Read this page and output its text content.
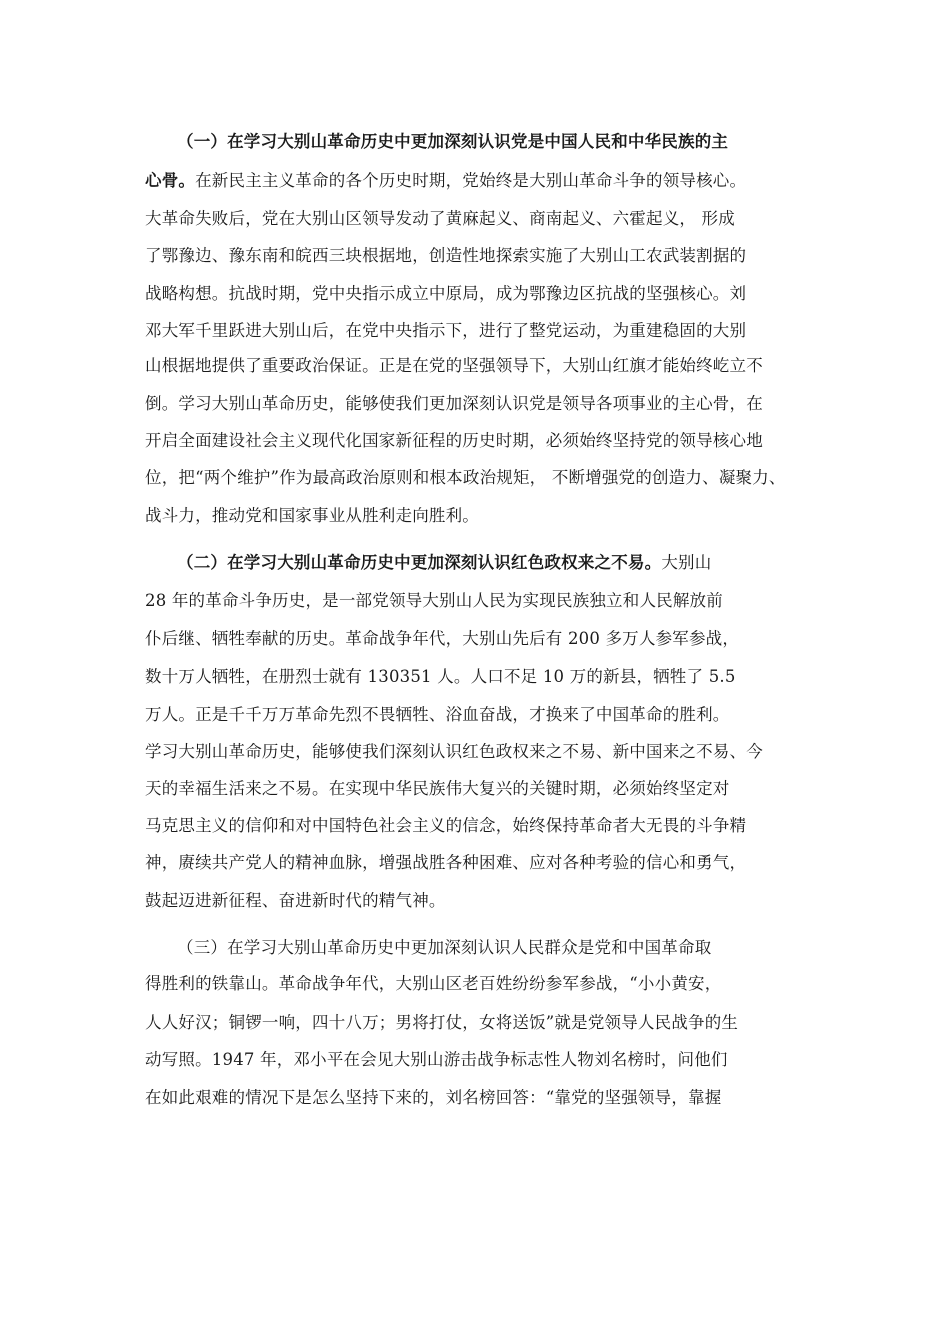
（一）在学习大别山革命历史中更加深刻认识党是中国人民和中华民族的主
心骨。在新民主主义革命的各个历史时期，党始终是大别山革命斗争的领导核心。
大革命失败后，党在大别山区领导发动了黄麻起义、商南起义、六霍起义， 形成
了鄂豫边、豫东南和皖西三块根据地，创造性地探索实施了大别山工农武装割据的
战略构想。抗战时期，党中央指示成立中原局，成为鄂豫边区抗战的坚强核心。刘
邓大军千里跃进大别山后，在党中央指示下，进行了整党运动，为重建稳固的大别
山根据地提供了重要政治保证。正是在党的坚强领导下，大别山红旗才能始终屹立不
倒。学习大别山革命历史，能够使我们更加深刻认识党是领导各项事业的主心骨，在
开启全面建设社会主义现代化国家新征程的历史时期，必须始终坚持党的领导核心地
位，把“两个维护”作为最高政治原则和根本政治规矩， 不断增强党的创造力、凝聚力、
战斗力，推动党和国家事业从胜利走向胜利。
（二）在学习大别山革命历史中更加深刻认识红色政权来之不易。大别山
28 年的革命斗争历史，是一部党领导大别山人民为实现民族独立和人民解放前
仆后继、牺牲奉献的历史。革命战争年代，大别山先后有 200 多万人参军参战，
数十万人牺牲，在册烈士就有 130351 人。人口不足 10 万的新县，牺牲了 5.5
万人。正是千千万万革命先烈不畏牺牲、浴血奋战，才换来了中国革命的胜利。
学习大别山革命历史，能够使我们深刻认识红色政权来之不易、新中国来之不易、今
天的幸福生活来之不易。在实现中华民族伟大复兴的关键时期，必须始终坚定对
马克思主义的信仰和对中国特色社会主义的信念，始终保持革命者大无畏的斗争精
神，赓续共产党人的精神血脉，增强战胜各种困难、应对各种考验的信心和勇气，
鼓起迈进新征程、奋进新时代的精气神。
（三）在学习大别山革命历史中更加深刻认识人民群众是党和中国革命取
得胜利的铁靠山。革命战争年代，大别山区老百姓纷纷参军参战，“小小黄安，
人人好汉；铜锣一响，四十八万；男将打仗，女将送饭”就是党领导人民战争的生
动写照。1947 年，邓小平在会见大别山游击战争标志性人物刘名榜时，问他们
在如此艰难的情况下是怎么坚持下来的，刘名榜回答：“靠党的坚强领导，靠握
